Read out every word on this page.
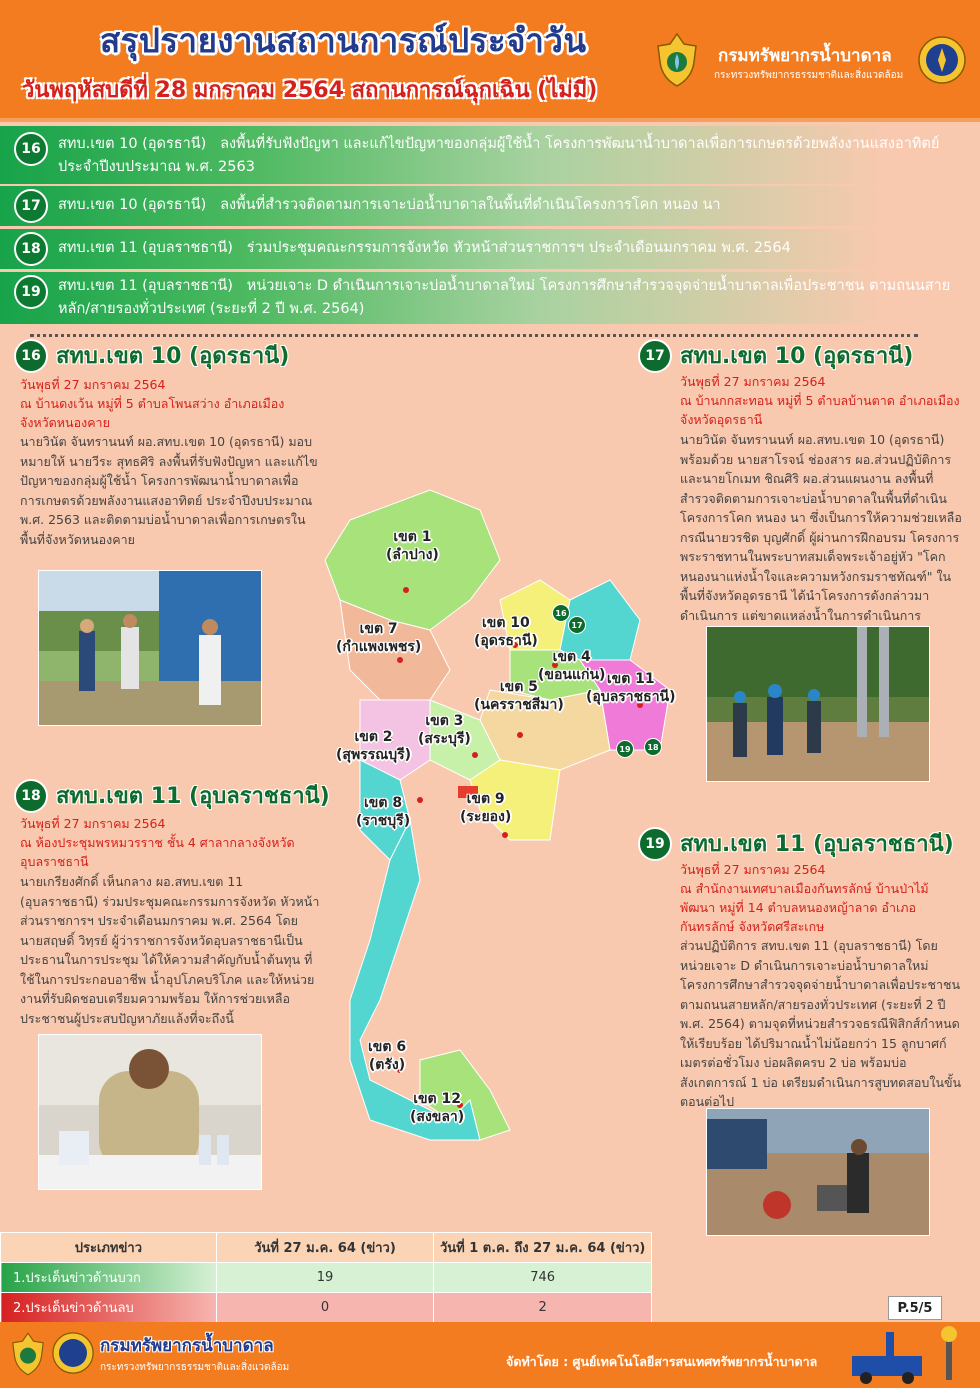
สรุปรายงานสถานการณ์ประจำวัน
วันพฤหัสบดีที่ 28 มกราคม 2564 สถานการณ์ฉุกเฉิน (ไม่มี)
กรมทรัพยากรน้ำบาดาล
กระทรวงทรัพยากรธรรมชาติและสิ่งแวดล้อม
16	สทบ.เขต 10 (อุดรธานี) ลงพื้นที่รับฟังปัญหา และแก้ไขปัญหาของกลุ่มผู้ใช้น้ำ โครงการพัฒนาน้ำบาดาลเพื่อการเกษตรด้วยพลังงานแสงอาทิตย์ ประจำปีงบประมาณ พ.ศ. 2563
17	สทบ.เขต 10 (อุดรธานี) ลงพื้นที่สำรวจติดตามการเจาะบ่อน้ำบาดาลในพื้นที่ดำเนินโครงการโคก หนอง นา
18	สทบ.เขต 11 (อุบลราชธานี) ร่วมประชุมคณะกรรมการจังหวัด หัวหน้าส่วนราชการฯ ประจำเดือนมกราคม พ.ศ. 2564
19	สทบ.เขต 11 (อุบลราชธานี) หน่วยเจาะ D ดำเนินการเจาะบ่อน้ำบาดาลใหม่ โครงการศึกษาสำรวจจุดจ่ายน้ำบาดาลเพื่อประชาชน ตามถนนสายหลัก/สายรองทั่วประเทศ (ระยะที่ 2 ปี พ.ศ. 2564)
16 สทบ.เขต 10 (อุดรธานี)
วันพุธที่ 27 มกราคม 2564
ณ บ้านดงเว้น หมู่ที่ 5 ตำบลโพนสว่าง อำเภอเมือง จังหวัดหนองคาย
นายวินัต จันทรานนท์ ผอ.สทบ.เขต 10 (อุดรธานี) มอบหมายให้ นายวีระ สุทธศิริ ลงพื้นที่รับฟังปัญหา และแก้ไขปัญหาของกลุ่มผู้ใช้น้ำ โครงการพัฒนาน้ำบาดาลเพื่อการเกษตรด้วยพลังงานแสงอาทิตย์ ประจำปีงบประมาณ พ.ศ. 2563 และติดตามบ่อน้ำบาดาลเพื่อการเกษตรในพื้นที่จังหวัดหนองคาย
17 สทบ.เขต 10 (อุดรธานี)
วันพุธที่ 27 มกราคม 2564
ณ บ้านกกสะทอน หมู่ที่ 5 ตำบลบ้านตาด อำเภอเมือง จังหวัดอุดรธานี
นายวินัต จันทรานนท์ ผอ.สทบ.เขต 10 (อุดรธานี) พร้อมด้วย นายสาโรจน์ ช่องสาร ผอ.ส่วนปฏิบัติการ และนายโกเมท ชิณศิริ ผอ.ส่วนแผนงาน ลงพื้นที่สำรวจติดตามการเจาะบ่อน้ำบาดาลในพื้นที่ดำเนินโครงการโคก หนอง นา ซึ่งเป็นการให้ความช่วยเหลือ กรณีนายวรชิต บุญศักดิ์ ผู้ผ่านการฝึกอบรม โครงการพระราชทานในพระบาทสมเด็จพระเจ้าอยู่หัว "โคกหนองนาแห่งน้ำใจและความหวังกรมราชทัณฑ์" ในพื้นที่จังหวัดอุดรธานี ได้นำโครงการดังกล่าวมาดำเนินการ แต่ขาดแหล่งน้ำในการดำเนินการ
เขต 1
(ลำปาง)
เขต 7
(กำแพงเพชร)
เขต 10
(อุดรธานี)
เขต 4
(ขอนแก่น) เขต 11
(อุบลราชธานี)
เขต 5
(นครราชสีมา)
เขต 3
(สระบุรี)
เขต 2
(สุพรรณบุรี)
เขต 8
(ราชบุรี)
เขต 9
(ระยอง)
เขต 6
(ตรัง)
เขต 12
(สงขลา)
16
17
19	18
18 สทบ.เขต 11 (อุบลราชธานี)
วันพุธที่ 27 มกราคม 2564
ณ ห้องประชุมพรหมวรราช ชั้น 4 ศาลากลางจังหวัดอุบลราชธานี
นายเกรียงศักดิ์ เห็นกลาง ผอ.สทบ.เขต 11 (อุบลราชธานี) ร่วมประชุมคณะกรรมการจังหวัด หัวหน้าส่วนราชการฯ ประจำเดือนมกราคม พ.ศ. 2564 โดยนายสฤษดิ์ วิทฺรย์ ผู้ว่าราชการจังหวัดอุบลราชธานีเป็นประธานในการประชุม ได้ให้ความสำคัญกับน้ำต้นทุน ที่ใช้ในการประกอบอาชีพ น้ำอุปโภคบริโภค และให้หน่วยงานที่รับผิดชอบเตรียมความพร้อม ให้การช่วยเหลือประชาชนผู้ประสบปัญหาภัยแล้งที่จะถึงนี้
19 สทบ.เขต 11 (อุบลราชธานี)
วันพุธที่ 27 มกราคม 2564
ณ สำนักงานเทศบาลเมืองกันทรลักษ์ บ้านป่าไม้พัฒนา หมู่ที่ 14 ตำบลหนองหญ้าลาด อำเภอกันทรลักษ์ จังหวัดศรีสะเกษ
ส่วนปฏิบัติการ สทบ.เขต 11 (อุบลราชธานี) โดยหน่วยเจาะ D ดำเนินการเจาะบ่อน้ำบาดาลใหม่ โครงการศึกษาสำรวจจุดจ่ายน้ำบาดาลเพื่อประชาชน ตามถนนสายหลัก/สายรองทั่วประเทศ (ระยะที่ 2 ปี พ.ศ. 2564) ตามจุดที่หน่วยสำรวจธรณีฟิสิกส์กำหนดให้เรียบร้อย ได้ปริมาณน้ำไม่น้อยกว่า 15 ลูกบาศก์เมตรต่อชั่วโมง บ่อผลิตครบ 2 บ่อ พร้อมบ่อสังเกตการณ์ 1 บ่อ เตรียมดำเนินการสูบทดสอบในขั้นตอนต่อไป
ประเภทข่าว	วันที่ 27 ม.ค. 64 (ข่าว)	วันที่ 1 ต.ค. ถึง 27 ม.ค. 64 (ข่าว)
1.ประเด็นข่าวด้านบวก	19	746
2.ประเด็นข่าวด้านลบ	0	2	P.5/5
กรมทรัพยากรน้ำบาดาล
กระทรวงทรัพยากรธรรมชาติและสิ่งแวดล้อม	จัดทำโดย : ศูนย์เทคโนโลยีสารสนเทศทรัพยากรน้ำบาดาล
